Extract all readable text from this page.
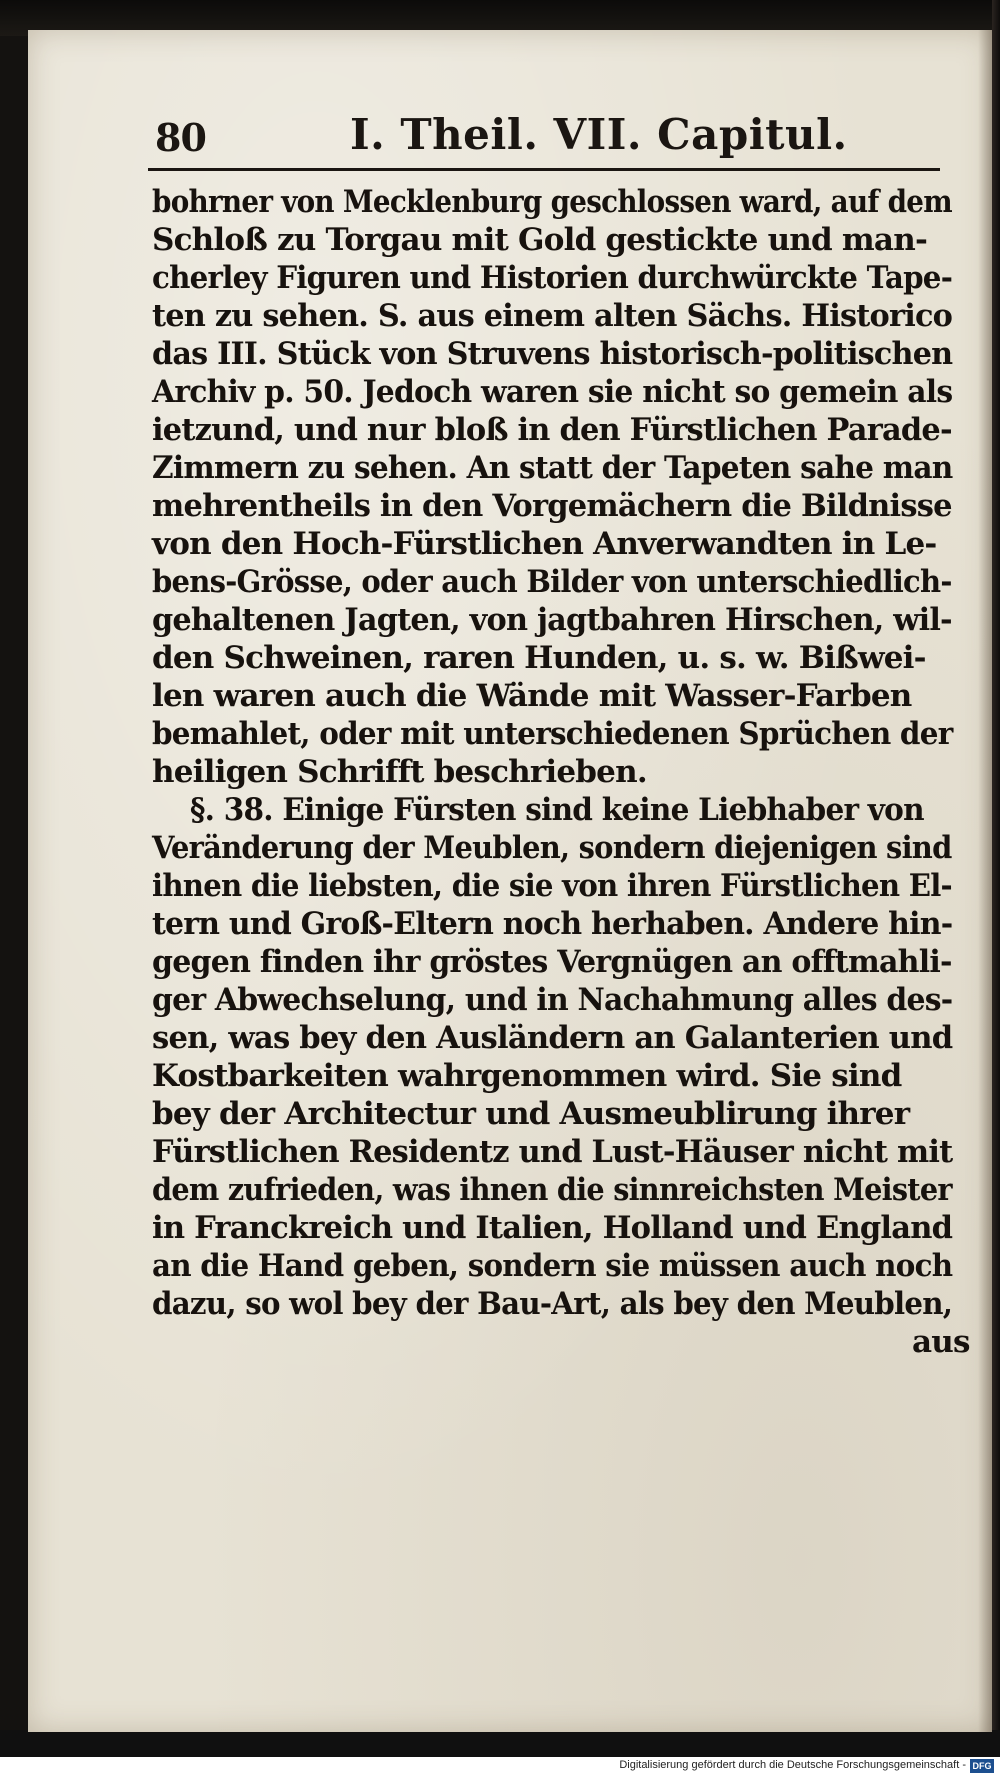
80	I. Theil. VII. Capitul.
bohrner von Mecklenburg geschlossen ward, auf dem
Schloß zu Torgau mit Gold gestickte und man-
cherley Figuren und Historien durchwürckte Tape-
ten zu sehen. S. aus einem alten Sächs. Historico
das III. Stück von Struvens historisch-politischen
Archiv p. 50. Jedoch waren sie nicht so gemein als
ietzund, und nur bloß in den Fürstlichen Parade-
Zimmern zu sehen. An statt der Tapeten sahe man
mehrentheils in den Vorgemächern die Bildnisse
von den Hoch-Fürstlichen Anverwandten in Le-
bens-Grösse, oder auch Bilder von unterschiedlich-
gehaltenen Jagten, von jagtbahren Hirschen, wil-
den Schweinen, raren Hunden, u. s. w. Bißwei-
len waren auch die Wände mit Wasser-Farben
bemahlet, oder mit unterschiedenen Sprüchen der
heiligen Schrifft beschrieben.
§. 38. Einige Fürsten sind keine Liebhaber von
Veränderung der Meublen, sondern diejenigen sind
ihnen die liebsten, die sie von ihren Fürstlichen El-
tern und Groß-Eltern noch herhaben. Andere hin-
gegen finden ihr gröstes Vergnügen an offtmahli-
ger Abwechselung, und in Nachahmung alles des-
sen, was bey den Ausländern an Galanterien und
Kostbarkeiten wahrgenommen wird. Sie sind
bey der Architectur und Ausmeublirung ihrer
Fürstlichen Residentz und Lust-Häuser nicht mit
dem zufrieden, was ihnen die sinnreichsten Meister
in Franckreich und Italien, Holland und England
an die Hand geben, sondern sie müssen auch noch
dazu, so wol bey der Bau-Art, als bey den Meublen,
aus
Digitalisierung gefördert durch die Deutsche Forschungsgemeinschaft - DFG
